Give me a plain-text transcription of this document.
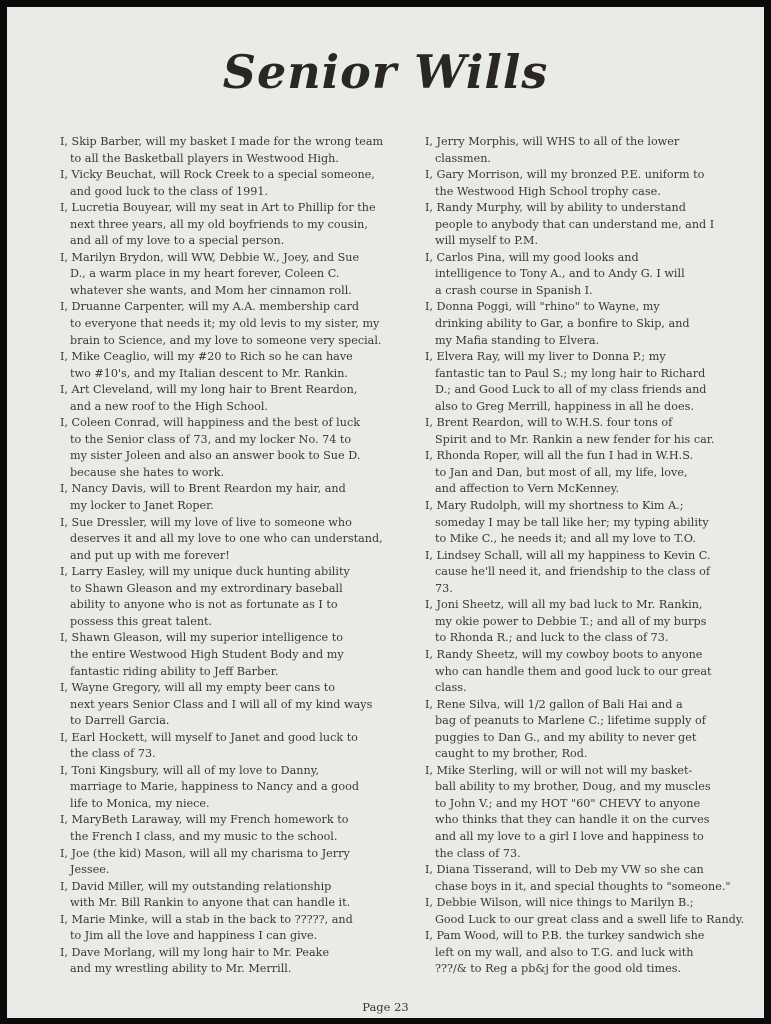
Senior Wills
I, Skip Barber, will my basket I made for the wrong team
to all the Basketball players in Westwood High.
I, Vicky Beuchat, will Rock Creek to a special someone,
and good luck to the class of 1991.
I, Lucretia Bouyear, will my seat in Art to Phillip for the
next three years, all my old boyfriends to my cousin,
and all of my love to a special person.
I, Marilyn Brydon, will WW, Debbie W., Joey, and Sue
D., a warm place in my heart forever, Coleen C.
whatever she wants, and Mom her cinnamon roll.
I, Druanne Carpenter, will my A.A. membership card
to everyone that needs it; my old levis to my sister, my
brain to Science, and my love to someone very special.
I, Mike Ceaglio, will my #20 to Rich so he can have
two #10's, and my Italian descent to Mr. Rankin.
I, Art Cleveland, will my long hair to Brent Reardon,
and a new roof to the High School.
I, Coleen Conrad, will happiness and the best of luck
to the Senior class of 73, and my locker No. 74 to
my sister Joleen and also an answer book to Sue D.
because she hates to work.
I, Nancy Davis, will to Brent Reardon my hair, and
my locker to Janet Roper.
I, Sue Dressler, will my love of live to someone who
deserves it and all my love to one who can understand,
and put up with me forever!
I, Larry Easley, will my unique duck hunting ability
to Shawn Gleason and my extrordinary baseball
ability to anyone who is not as fortunate as I to
possess this great talent.
I, Shawn Gleason, will my superior intelligence to
the entire Westwood High Student Body and my
fantastic riding ability to Jeff Barber.
I, Wayne Gregory, will all my empty beer cans to
next years Senior Class and I will all of my kind ways
to Darrell Garcia.
I, Earl Hockett, will myself to Janet and good luck to
the class of 73.
I, Toni Kingsbury, will all of my love to Danny,
marriage to Marie, happiness to Nancy and a good
life to Monica, my niece.
I, MaryBeth Laraway, will my French homework to
the French I class, and my music to the school.
I, Joe (the kid) Mason, will all my charisma to Jerry
Jessee.
I, David Miller, will my outstanding relationship
with Mr. Bill Rankin to anyone that can handle it.
I, Marie Minke, will a stab in the back to ?????, and
to Jim all the love and happiness I can give.
I, Dave Morlang, will my long hair to Mr. Peake
and my wrestling ability to Mr. Merrill.
I, Jerry Morphis, will WHS to all of the lower
classmen.
I, Gary Morrison, will my bronzed P.E. uniform to
the Westwood High School trophy case.
I, Randy Murphy, will by ability to understand
people to anybody that can understand me, and I
will myself to P.M.
I, Carlos Pina, will my good looks and
intelligence to Tony A., and to Andy G. I will
a crash course in Spanish I.
I, Donna Poggi, will "rhino" to Wayne, my
drinking ability to Gar, a bonfire to Skip, and
my Mafia standing to Elvera.
I, Elvera Ray, will my liver to Donna P.; my
fantastic tan to Paul S.; my long hair to Richard
D.; and Good Luck to all of my class friends and
also to Greg Merrill, happiness in all he does.
I, Brent Reardon, will to W.H.S. four tons of
Spirit and to Mr. Rankin a new fender for his car.
I, Rhonda Roper, will all the fun I had in W.H.S.
to Jan and Dan, but most of all, my life, love,
and affection to Vern McKenney.
I, Mary Rudolph, will my shortness to Kim A.;
someday I may be tall like her; my typing ability
to Mike C., he needs it; and all my love to T.O.
I, Lindsey Schall, will all my happiness to Kevin C.
cause he'll need it, and friendship to the class of
73.
I, Joni Sheetz, will all my bad luck to Mr. Rankin,
my okie power to Debbie T.; and all of my burps
to Rhonda R.; and luck to the class of 73.
I, Randy Sheetz, will my cowboy boots to anyone
who can handle them and good luck to our great
class.
I, Rene Silva, will 1/2 gallon of Bali Hai and a
bag of peanuts to Marlene C.; lifetime supply of
puggies to Dan G., and my ability to never get
caught to my brother, Rod.
I, Mike Sterling, will or will not will my basket-
ball ability to my brother, Doug, and my muscles
to John V.; and my HOT "60" CHEVY to anyone
who thinks that they can handle it on the curves
and all my love to a girl I love and happiness to
the class of 73.
I, Diana Tisserand, will to Deb my VW so she can
chase boys in it, and special thoughts to "someone."
I, Debbie Wilson, will nice things to Marilyn B.;
Good Luck to our great class and a swell life to Randy.
I, Pam Wood, will to P.B. the turkey sandwich she
left on my wall, and also to T.G. and luck with
???/& to Reg a pb&j for the good old times.
Page 23
